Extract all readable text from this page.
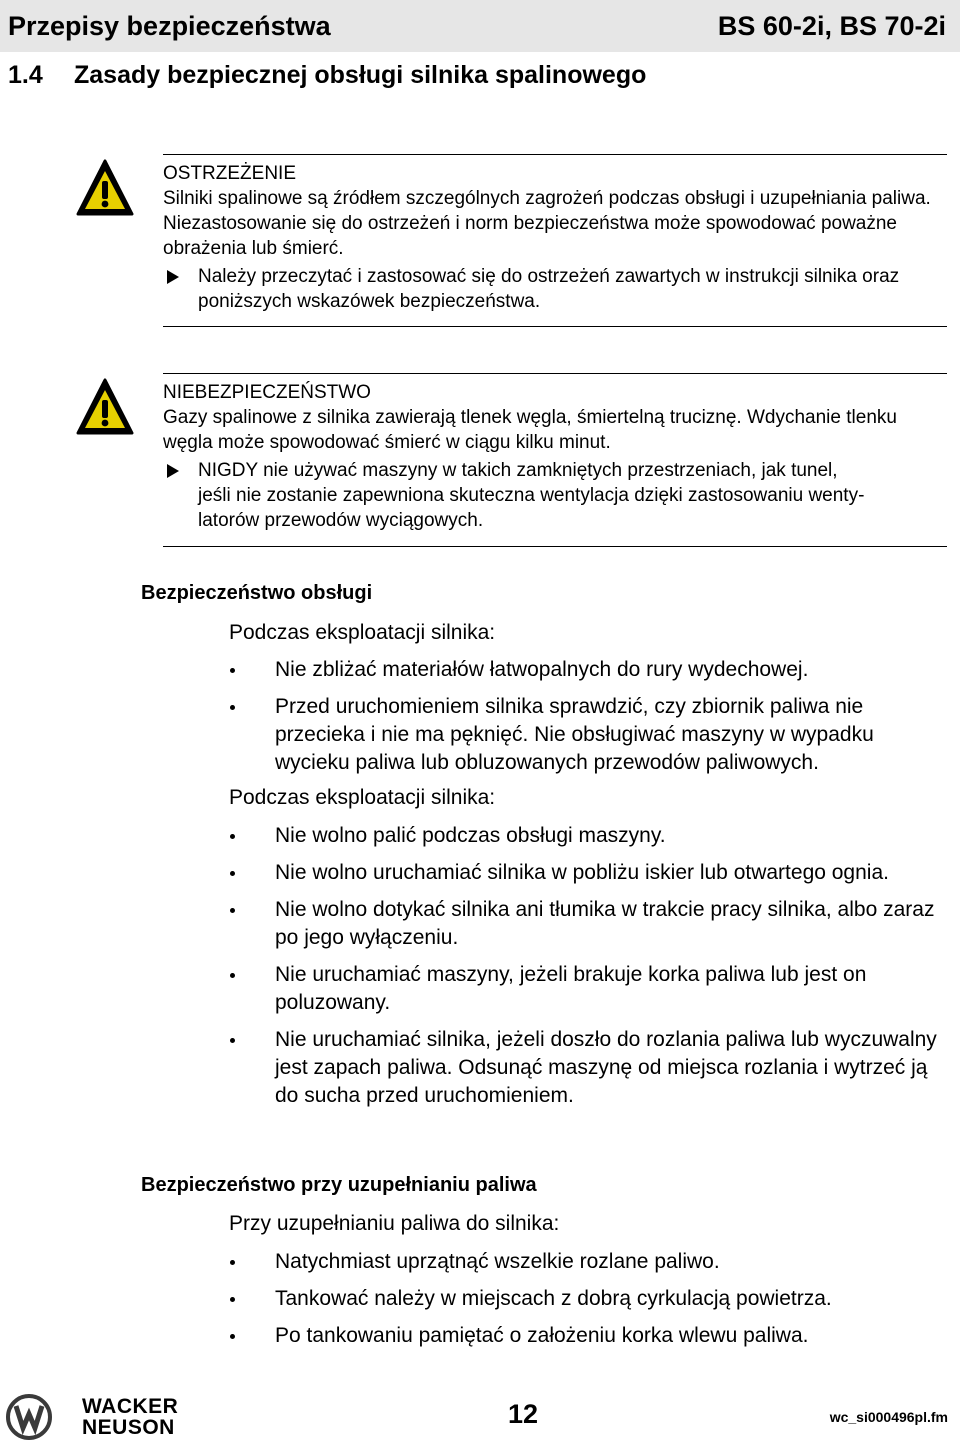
Przepisy bezpieczeństwa	BS 60-2i, BS 70-2i
1.4 Zasady bezpiecznej obsługi silnika spalinowego
OSTRZEŻENIE
Silniki spalinowe są źródłem szczególnych zagrożeń podczas obsługi i uzupełniania paliwa. Niezastosowanie się do ostrzeżeń i norm bezpieczeństwa może spowodować poważne obrażenia lub śmierć.
Należy przeczytać i zastosować się do ostrzeżeń zawartych w instrukcji silnika oraz poniższych wskazówek bezpieczeństwa.
NIEBEZPIECZEŃSTWO
Gazy spalinowe z silnika zawierają tlenek węgla, śmiertelną truciznę. Wdychanie tlenku węgla może spowodować śmierć w ciągu kilku minut.
NIGDY nie używać maszyny w takich zamkniętych przestrzeniach, jak tunel,
jeśli nie zostanie zapewniona skuteczna wentylacja dzięki zastosowaniu wenty-
latorów przewodów wyciągowych.
Bezpieczeństwo obsługi
Podczas eksploatacji silnika:
Nie zbliżać materiałów łatwopalnych do rury wydechowej.
Przed uruchomieniem silnika sprawdzić, czy zbiornik paliwa nie przecieka i nie ma pęknięć. Nie obsługiwać maszyny w wypadku wycieku paliwa lub obluzowanych przewodów paliwowych.
Podczas eksploatacji silnika:
Nie wolno palić podczas obsługi maszyny.
Nie wolno uruchamiać silnika w pobliżu iskier lub otwartego ognia.
Nie wolno dotykać silnika ani tłumika w trakcie pracy silnika, albo zaraz po jego wyłączeniu.
Nie uruchamiać maszyny, jeżeli brakuje korka paliwa lub jest on poluzowany.
Nie uruchamiać silnika, jeżeli doszło do rozlania paliwa lub wyczuwalny jest zapach paliwa. Odsunąć maszynę od miejsca rozlania i wytrzeć ją do sucha przed uruchomieniem.
Bezpieczeństwo przy uzupełnianiu paliwa
Przy uzupełnianiu paliwa do silnika:
Natychmiast uprzątnąć wszelkie rozlane paliwo.
Tankować należy w miejscach z dobrą cyrkulacją powietrza.
Po tankowaniu pamiętać o założeniu korka wlewu paliwa.
WACKER
NEUSON	12	wc_si000496pl.fm
